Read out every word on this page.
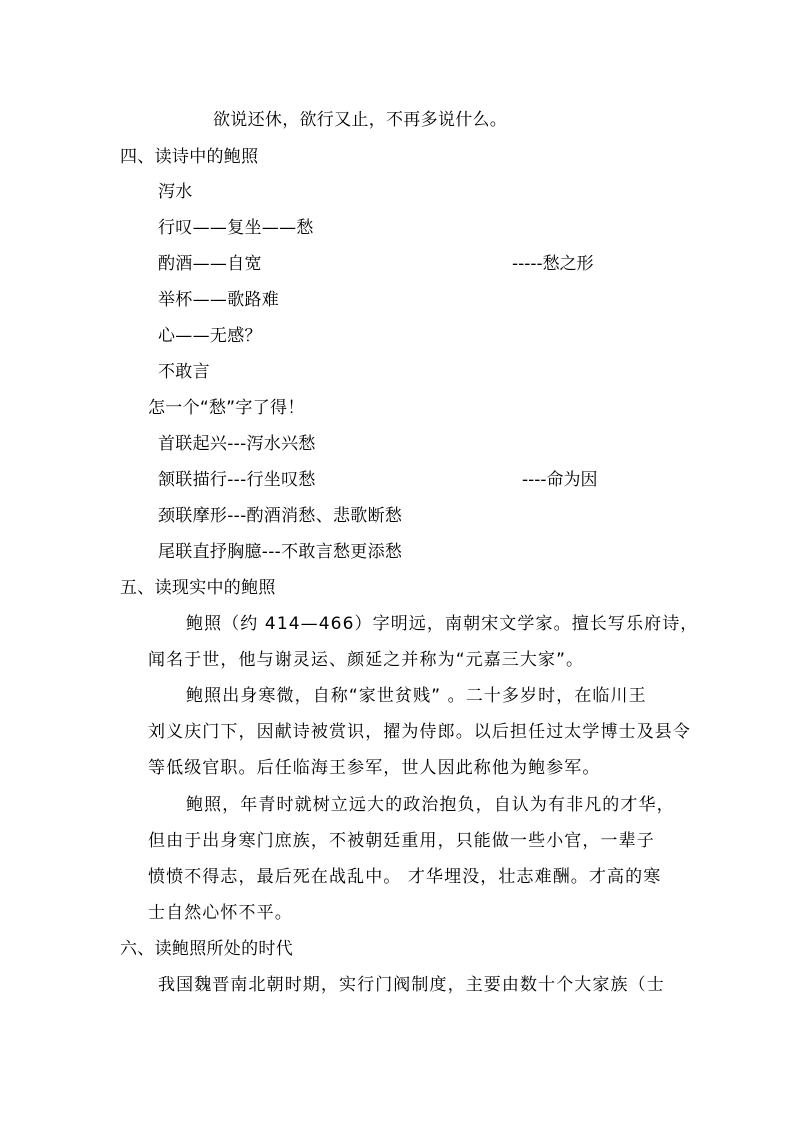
欲说还休，欲行又止，不再多说什么。
四、读诗中的鲍照
泻水
行叹——复坐——愁
酌酒——自宽	-----愁之形
举杯——歌路难
心——无感？
不敢言
怎一个“愁”字了得！
首联起兴---泻水兴愁
颔联描行---行坐叹愁	----命为因
颈联摩形---酌酒消愁、悲歌断愁
尾联直抒胸臆---不敢言愁更添愁
五、读现实中的鲍照
鲍照（约 414—466）字明远，南朝宋文学家。擅长写乐府诗，
闻名于世，他与谢灵运、颜延之并称为“元嘉三大家”。
鲍照出身寒微，自称“家世贫贱” 。二十多岁时，在临川王
刘义庆门下，因献诗被赏识，擢为侍郎。以后担任过太学博士及县令
等低级官职。后任临海王参军，世人因此称他为鲍参军。
鲍照，年青时就树立远大的政治抱负，自认为有非凡的才华，
但由于出身寒门庶族，不被朝廷重用，只能做一些小官，一辈子
愤愤不得志，最后死在战乱中。 才华埋没，壮志难酬。才高的寒
士自然心怀不平。
六、读鲍照所处的时代
我国魏晋南北朝时期，实行门阀制度，主要由数十个大家族（士
